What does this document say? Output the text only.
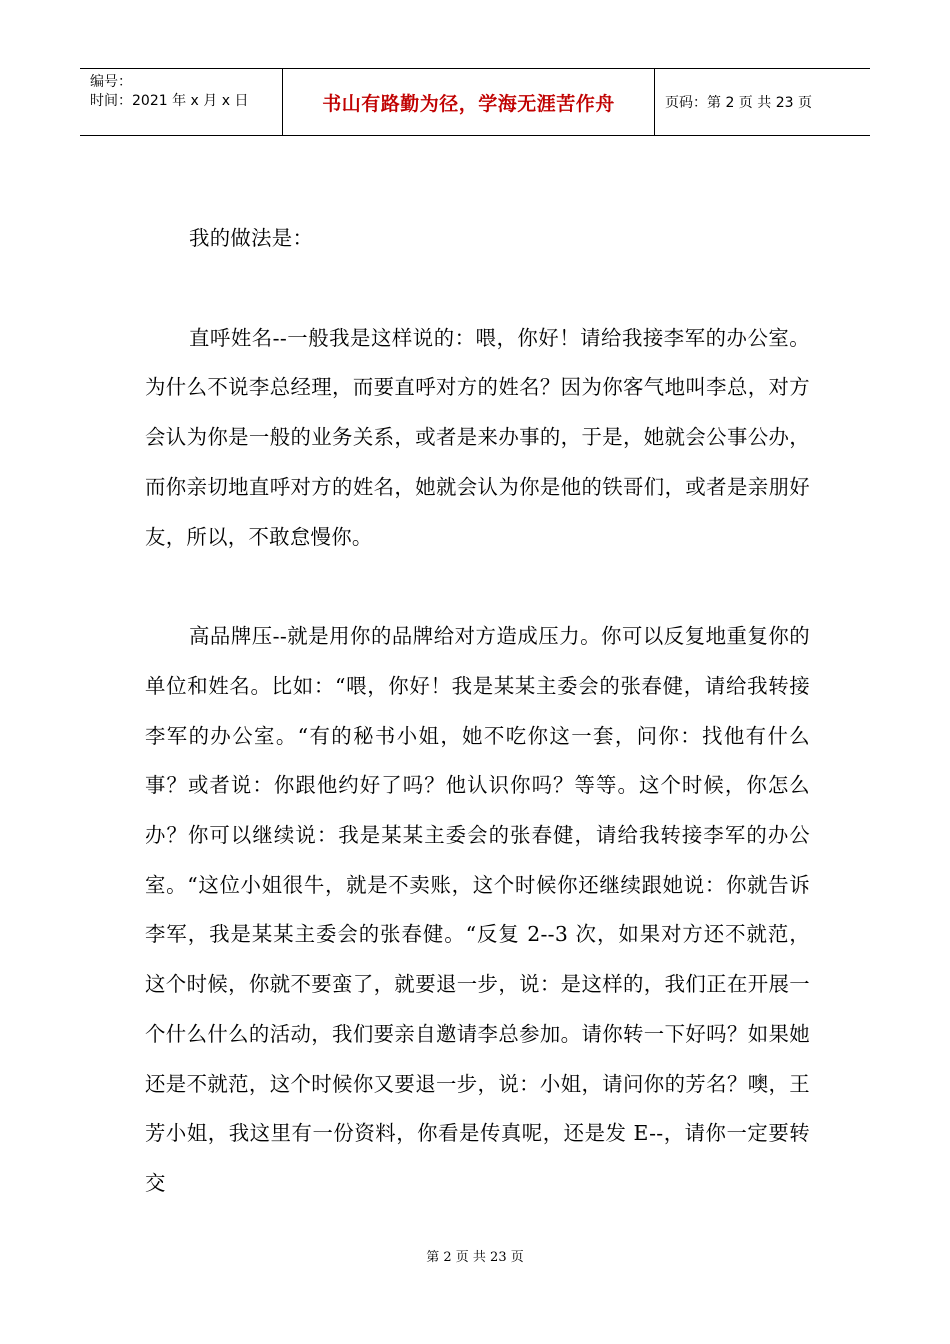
编号：
时间：2021 年 x 月 x 日	书山有路勤为径，学海无涯苦作舟	页码：第 2 页 共 23 页

我的做法是：

直呼姓名--一般我是这样说的：喂，你好！请给我接李军的办公室。为什么不说李总经理，而要直呼对方的姓名？因为你客气地叫李总，对方会认为你是一般的业务关系，或者是来办事的，于是，她就会公事公办，而你亲切地直呼对方的姓名，她就会认为你是他的铁哥们，或者是亲朋好友，所以，不敢怠慢你。

高品牌压--就是用你的品牌给对方造成压力。你可以反复地重复你的单位和姓名。比如：“喂，你好！我是某某主委会的张春健，请给我转接李军的办公室。“有的秘书小姐，她不吃你这一套，问你：找他有什么事？或者说：你跟他约好了吗？他认识你吗？等等。这个时候，你怎么办？你可以继续说：我是某某主委会的张春健，请给我转接李军的办公室。“这位小姐很牛，就是不卖账，这个时候你还继续跟她说：你就告诉李军，我是某某主委会的张春健。“反复 2--3 次，如果对方还不就范，这个时候，你就不要蛮了，就要退一步，说：是这样的，我们正在开展一个什么什么的活动，我们要亲自邀请李总参加。请你转一下好吗？如果她还是不就范，这个时候你又要退一步，说：小姐，请问你的芳名？噢，王芳小姐，我这里有一份资料，你看是传真呢，还是发 E--，请你一定要转交

第 2 页 共 23 页
